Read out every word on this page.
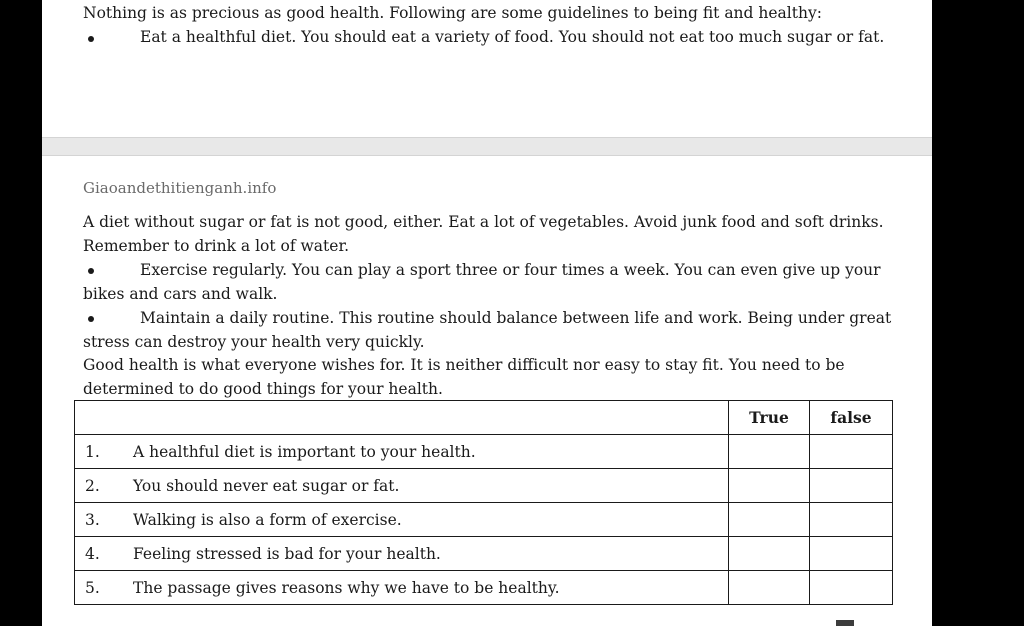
Nothing is as precious as good health. Following are some guidelines to being fit and healthy:
Eat a healthful diet. You should eat a variety of food. You should not eat too much sugar or fat.
Giaoandethitienganh.info
A diet without sugar or fat is not good, either. Eat a lot of vegetables. Avoid junk food and soft drinks.
Remember to drink a lot of water.
Exercise regularly. You can play a sport three or four times a week. You can even give up your
bikes and cars and walk.
Maintain a daily routine. This routine should balance between life and work. Being under great
stress can destroy your health very quickly.
Good health is what everyone wishes for. It is neither difficult nor easy to stay fit. You need to be
determined to do good things for your health.
	True	false
1. A healthful diet is important to your health.		
2. You should never eat sugar or fat.		
3. Walking is also a form of exercise.		
4. Feeling stressed is bad for your health.		
5. The passage gives reasons why we have to be healthy.		
